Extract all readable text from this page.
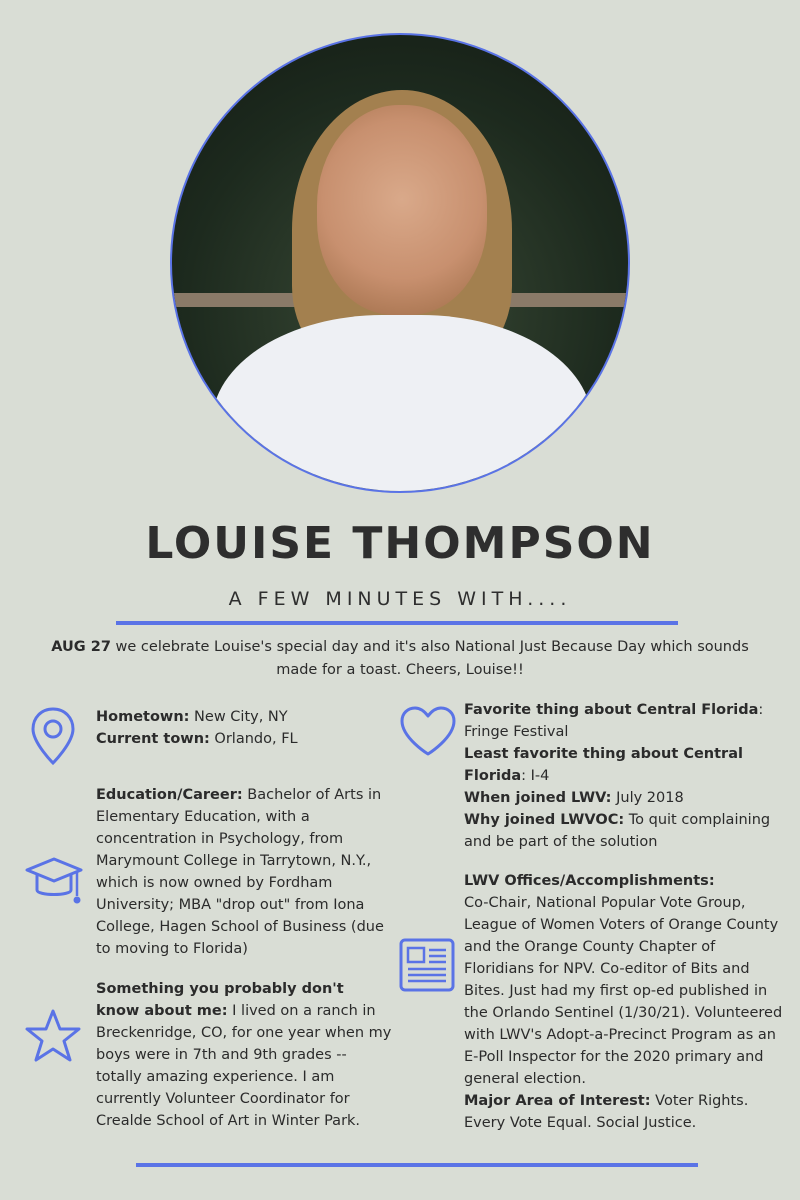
LOUISE THOMPSON
A FEW MINUTES WITH....
AUG 27 we celebrate Louise's special day and it's also National Just Because Day which sounds made for a toast. Cheers, Louise!!
Hometown: New City, NY
Current town: Orlando, FL
Education/Career: Bachelor of Arts in Elementary Education, with a concentration in Psychology, from Marymount College in Tarrytown, N.Y., which is now owned by Fordham University; MBA "drop out" from Iona College, Hagen School of Business (due to moving to Florida)
Something you probably don't know about me: I lived on a ranch in Breckenridge, CO, for one year when my boys were in 7th and 9th grades -- totally amazing experience. I am currently Volunteer Coordinator for Crealde School of Art in Winter Park.
Favorite thing about Central Florida: Fringe Festival
Least favorite thing about Central Florida: I-4
When joined LWV: July 2018
Why joined LWVOC: To quit complaining and be part of the solution
LWV Offices/Accomplishments:
Co-Chair, National Popular Vote Group, League of Women Voters of Orange County and the Orange County Chapter of Floridians for NPV. Co-editor of Bits and Bites. Just had my first op-ed published in the Orlando Sentinel (1/30/21). Volunteered with LWV's Adopt-a-Precinct Program as an E-Poll Inspector for the 2020 primary and general election.
Major Area of Interest: Voter Rights. Every Vote Equal. Social Justice.
